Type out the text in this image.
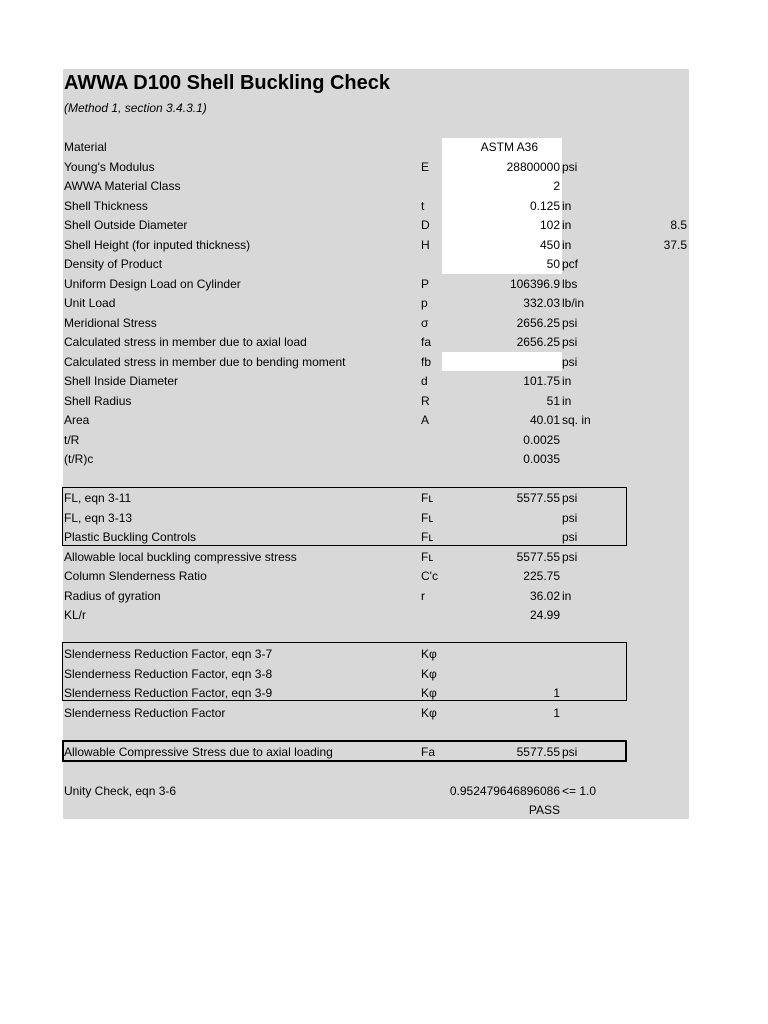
AWWA D100 Shell Buckling Check
(Method 1, section 3.4.3.1)
Material	ASTM A36
Young's Modulus	E	28800000 psi
AWWA Material Class	2
Shell Thickness	t	0.125 in
Shell Outside Diameter	D	102 in	8.5
Shell Height (for inputed thickness)	H	450 in	37.5
Density of Product	50 pcf
Uniform Design Load on Cylinder	P	106396.9 lbs
Unit Load	p	332.03 lb/in
Meridional Stress	σ	2656.25 psi
Calculated stress in member due to axial load	fa	2656.25 psi
Calculated stress in member due to bending moment	fb	psi
Shell Inside Diameter	d	101.75 in
Shell Radius	R	51 in
Area	A	40.01 sq. in
t/R	0.0025
(t/R)c	0.0035
FL, eqn 3-11	Fʟ	5577.55 psi
FL, eqn 3-13	Fʟ	psi
Plastic Buckling Controls	Fʟ	psi
Allowable local buckling compressive stress	Fʟ	5577.55 psi
Column Slenderness Ratio	C'c	225.75
Radius of gyration	r	36.02 in
KL/r	24.99
Slenderness Reduction Factor, eqn 3-7	Kφ
Slenderness Reduction Factor, eqn 3-8	Kφ
Slenderness Reduction Factor, eqn 3-9	Kφ	1
Slenderness Reduction Factor	Kφ	1
Allowable Compressive Stress due to axial loading	Fa	5577.55 psi
Unity Check, eqn 3-6	0.952479646896086 <= 1.0
PASS
